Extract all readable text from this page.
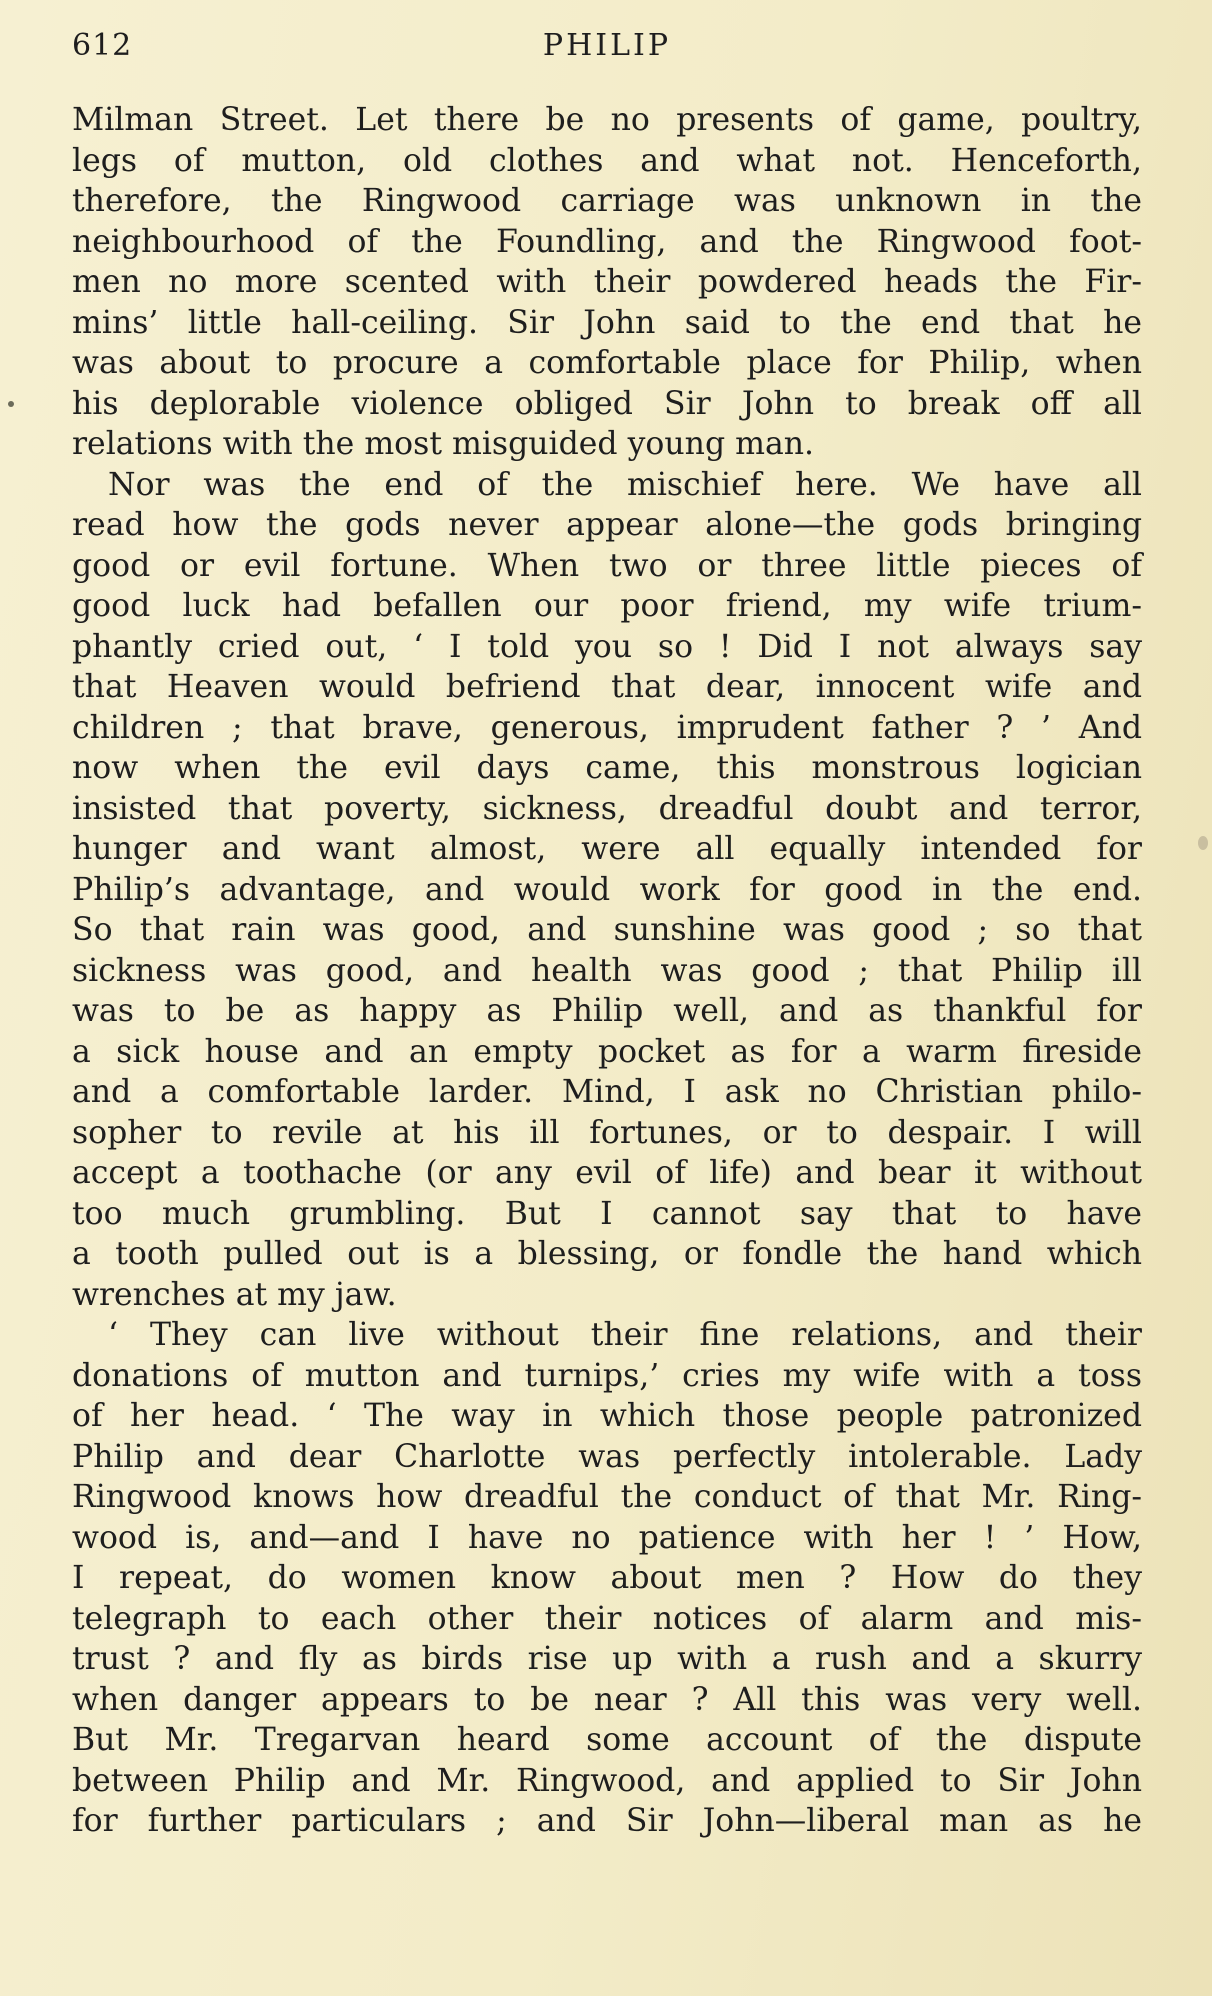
612	PHILIP
Milman Street. Let there be no presents of game, poultry,
legs of mutton, old clothes and what not. Henceforth,
therefore, the Ringwood carriage was unknown in the
neighbourhood of the Foundling, and the Ringwood foot-
men no more scented with their powdered heads the Fir-
mins’ little hall-ceiling. Sir John said to the end that he
was about to procure a comfortable place for Philip, when
his deplorable violence obliged Sir John to break off all
relations with the most misguided young man.
Nor was the end of the mischief here. We have all
read how the gods never appear alone—the gods bringing
good or evil fortune. When two or three little pieces of
good luck had befallen our poor friend, my wife trium-
phantly cried out, ‘ I told you so ! Did I not always say
that Heaven would befriend that dear, innocent wife and
children ; that brave, generous, imprudent father ? ’ And
now when the evil days came, this monstrous logician
insisted that poverty, sickness, dreadful doubt and terror,
hunger and want almost, were all equally intended for
Philip’s advantage, and would work for good in the end.
So that rain was good, and sunshine was good ; so that
sickness was good, and health was good ; that Philip ill
was to be as happy as Philip well, and as thankful for
a sick house and an empty pocket as for a warm fireside
and a comfortable larder. Mind, I ask no Christian philo-
sopher to revile at his ill fortunes, or to despair. I will
accept a toothache (or any evil of life) and bear it without
too much grumbling. But I cannot say that to have
a tooth pulled out is a blessing, or fondle the hand which
wrenches at my jaw.
‘ They can live without their fine relations, and their
donations of mutton and turnips,’ cries my wife with a toss
of her head. ‘ The way in which those people patronized
Philip and dear Charlotte was perfectly intolerable. Lady
Ringwood knows how dreadful the conduct of that Mr. Ring-
wood is, and—and I have no patience with her ! ’ How,
I repeat, do women know about men ? How do they
telegraph to each other their notices of alarm and mis-
trust ? and fly as birds rise up with a rush and a skurry
when danger appears to be near ? All this was very well.
But Mr. Tregarvan heard some account of the dispute
between Philip and Mr. Ringwood, and applied to Sir John
for further particulars ; and Sir John—liberal man as he
